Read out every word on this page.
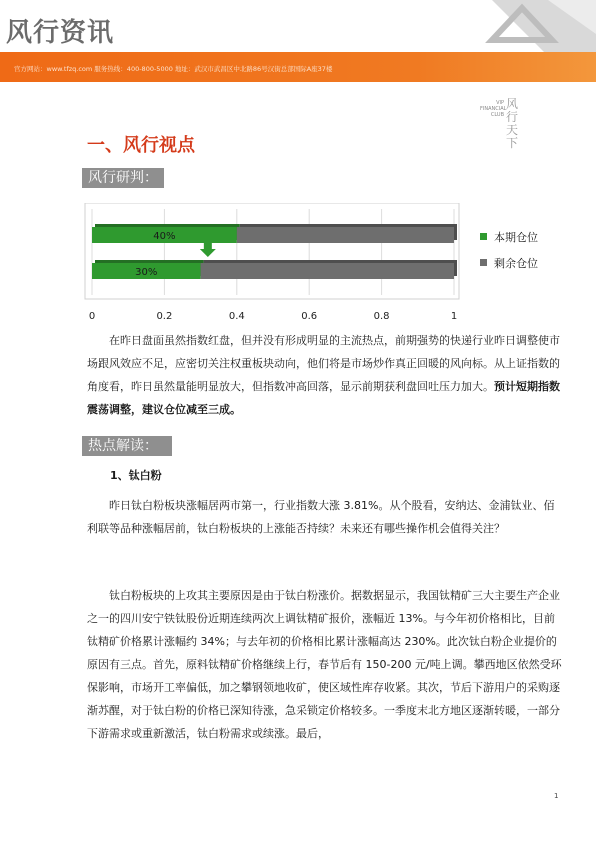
风行资讯
官方网站：www.tfzq.com 服务热线：400-800-5000 地址：武汉市武昌区中北路86号汉街总部国际A座37楼
VIP
FINANCIAL
CLUB
风行天下
一、风行视点
风行研判：
0	0.2	0.4	0.6	0.8	1
40%
30%
本期仓位
剩余仓位

在昨日盘面虽然指数红盘，但并没有形成明显的主流热点，前期强势的快递行业昨日调整使市场跟风效应不足，应密切关注权重板块动向，他们将是市场炒作真正回暖的风向标。从上证指数的角度看，昨日虽然量能明显放大，但指数冲高回落，显示前期获利盘回吐压力加大。预计短期指数震荡调整，建议仓位减至三成。

热点解读：
1、钛白粉

昨日钛白粉板块涨幅居两市第一，行业指数大涨 3.81%。从个股看，安纳达、金浦钛业、佰利联等品种涨幅居前，钛白粉板块的上涨能否持续？未来还有哪些操作机会值得关注？

钛白粉板块的上攻其主要原因是由于钛白粉涨价。据数据显示，我国钛精矿三大主要生产企业之一的四川安宁铁钛股份近期连续两次上调钛精矿报价，涨幅近 13%。与今年初价格相比，目前钛精矿价格累计涨幅约 34%；与去年初的价格相比累计涨幅高达 230%。此次钛白粉企业提价的原因有三点。首先，原料钛精矿价格继续上行，春节后有 150-200 元/吨上调。攀西地区依然受环保影响，市场开工率偏低，加之攀钢领地收矿，使区域性库存收紧。其次，节后下游用户的采购逐渐苏醒，对于钛白粉的价格已深知待涨，急采锁定价格较多。一季度末北方地区逐渐转暖，一部分下游需求或重新激活，钛白粉需求或续涨。最后，

1
